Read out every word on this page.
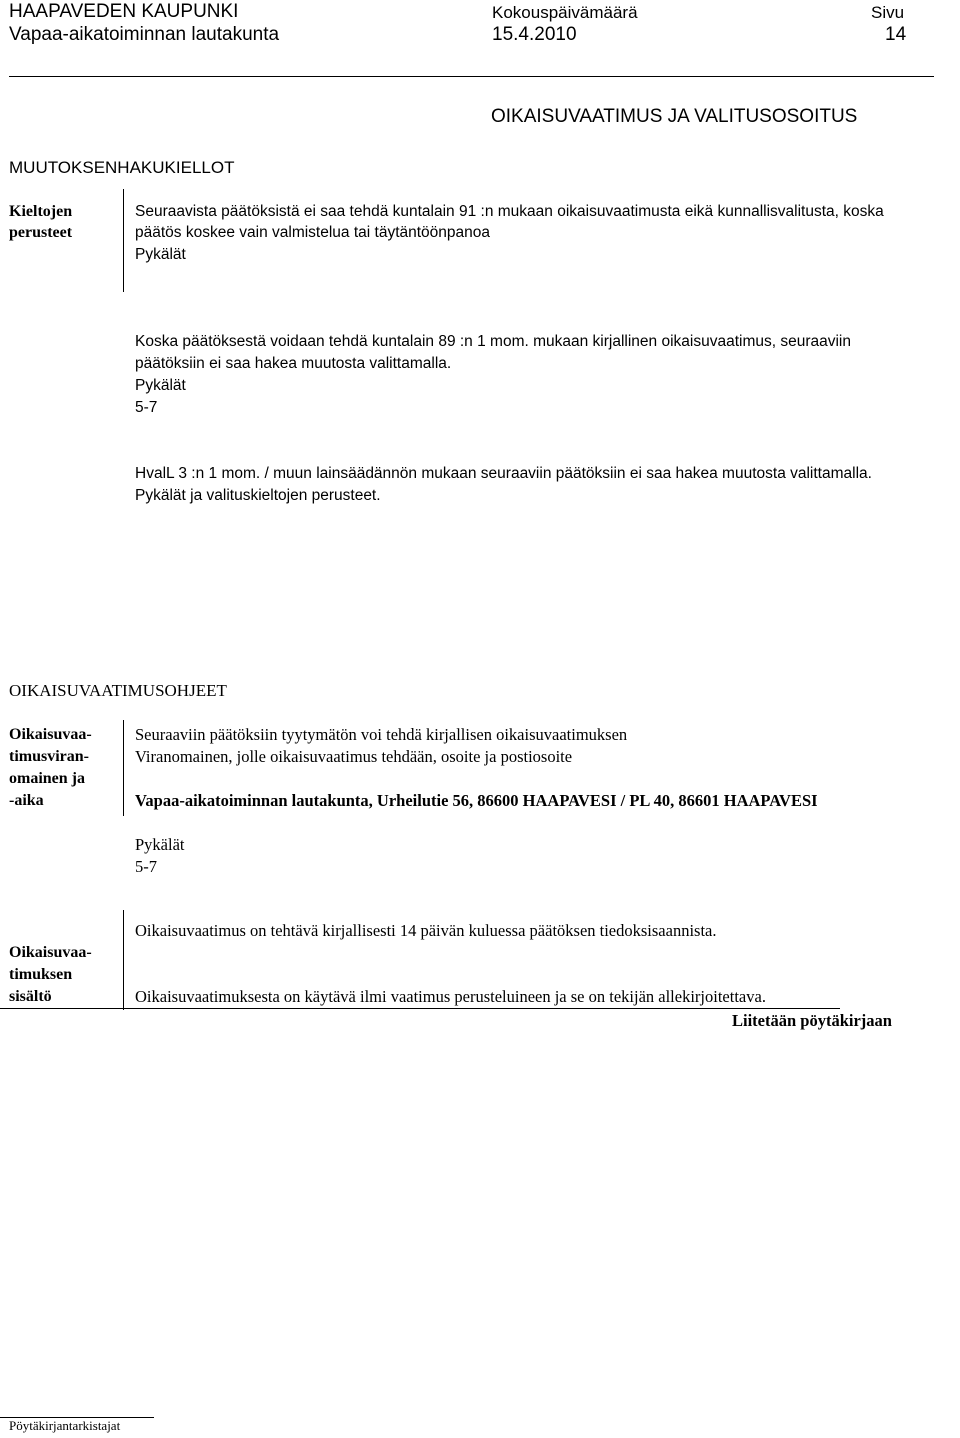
HAAPAVEDEN KAUPUNKI
Vapaa-aikatoiminnan lautakunta
Kokouspäivämäärä
15.4.2010
Sivu
14
OIKAISUVAATIMUS JA VALITUSOSOITUS
MUUTOKSENHAKUKIELLOT
Kieltojen
perusteet
Seuraavista päätöksistä ei saa tehdä kuntalain 91 :n mukaan oikaisuvaatimusta eikä kunnallisvalitusta, koska
päätös koskee vain valmistelua tai täytäntöönpanoa
Pykälät
Koska päätöksestä voidaan tehdä kuntalain 89 :n 1 mom. mukaan kirjallinen oikaisuvaatimus, seuraaviin
päätöksiin ei saa hakea muutosta valittamalla.
Pykälät
5-7
HvalL 3 :n 1 mom. / muun lainsäädännön mukaan seuraaviin päätöksiin ei saa hakea muutosta valittamalla.
Pykälät ja valituskieltojen perusteet.
OIKAISUVAATIMUSOHJEET
Oikaisuvaa-
timusviran-
omainen ja
-aika
Seuraaviin päätöksiin tyytymätön voi tehdä kirjallisen oikaisuvaatimuksen
Viranomainen, jolle oikaisuvaatimus tehdään, osoite ja postiosoite
Vapaa-aikatoiminnan lautakunta, Urheilutie 56, 86600 HAAPAVESI / PL 40, 86601 HAAPAVESI
Pykälät
5-7
Oikaisuvaa-
timuksen
sisältö
Oikaisuvaatimus on tehtävä kirjallisesti 14 päivän kuluessa päätöksen tiedoksisaannista.
Oikaisuvaatimuksesta on käytävä ilmi vaatimus perusteluineen ja se on tekijän allekirjoitettava.
Liitetään pöytäkirjaan
Pöytäkirjantarkistajat
